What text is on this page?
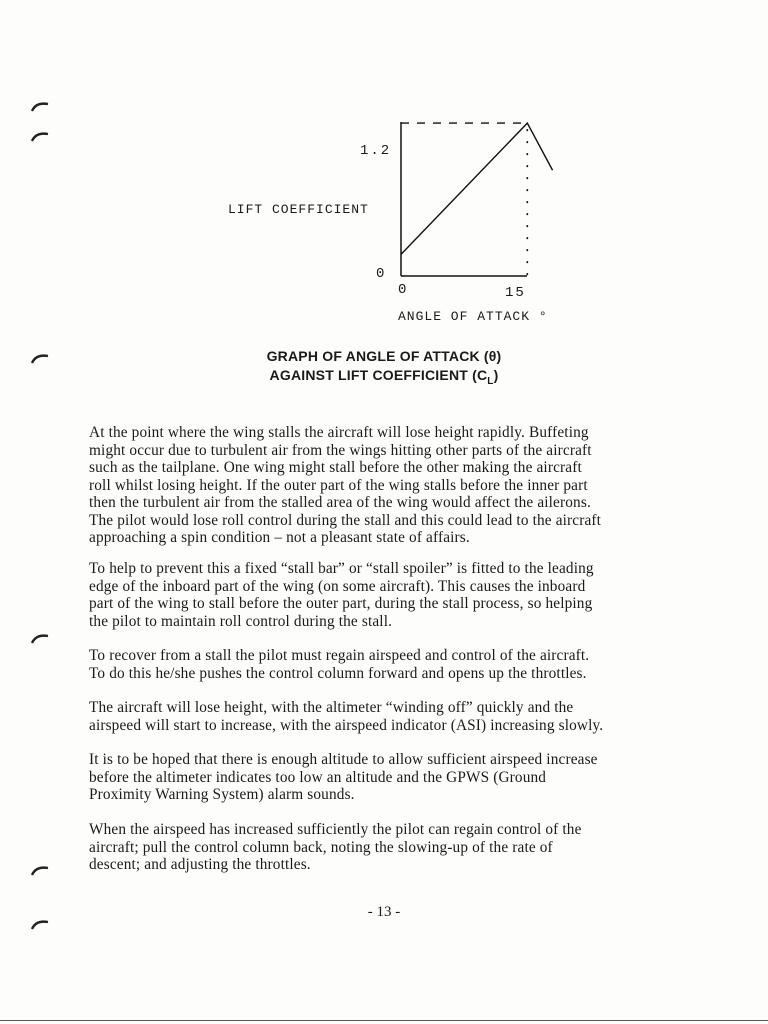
1.2
0
0	15
LIFT COEFFICIENT
ANGLE OF ATTACK °
GRAPH OF ANGLE OF ATTACK (θ)
AGAINST LIFT COEFFICIENT $(C_L)$
At the point where the wing stalls the aircraft will lose height rapidly. Buffeting
might occur due to turbulent air from the wings hitting other parts of the aircraft
such as the tailplane. One wing might stall before the other making the aircraft
roll whilst losing height. If the outer part of the wing stalls before the inner part
then the turbulent air from the stalled area of the wing would affect the ailerons.
The pilot would lose roll control during the stall and this could lead to the aircraft
approaching a spin condition – not a pleasant state of affairs.
To help to prevent this a fixed “stall bar” or “stall spoiler” is fitted to the leading
edge of the inboard part of the wing (on some aircraft). This causes the inboard
part of the wing to stall before the outer part, during the stall process, so helping
the pilot to maintain roll control during the stall.
To recover from a stall the pilot must regain airspeed and control of the aircraft.
To do this he/she pushes the control column forward and opens up the throttles.
The aircraft will lose height, with the altimeter “winding off” quickly and the
airspeed will start to increase, with the airspeed indicator (ASI) increasing slowly.
It is to be hoped that there is enough altitude to allow sufficient airspeed increase
before the altimeter indicates too low an altitude and the GPWS (Ground
Proximity Warning System) alarm sounds.
When the airspeed has increased sufficiently the pilot can regain control of the
aircraft; pull the control column back, noting the slowing-up of the rate of
descent; and adjusting the throttles.
- 13 -
